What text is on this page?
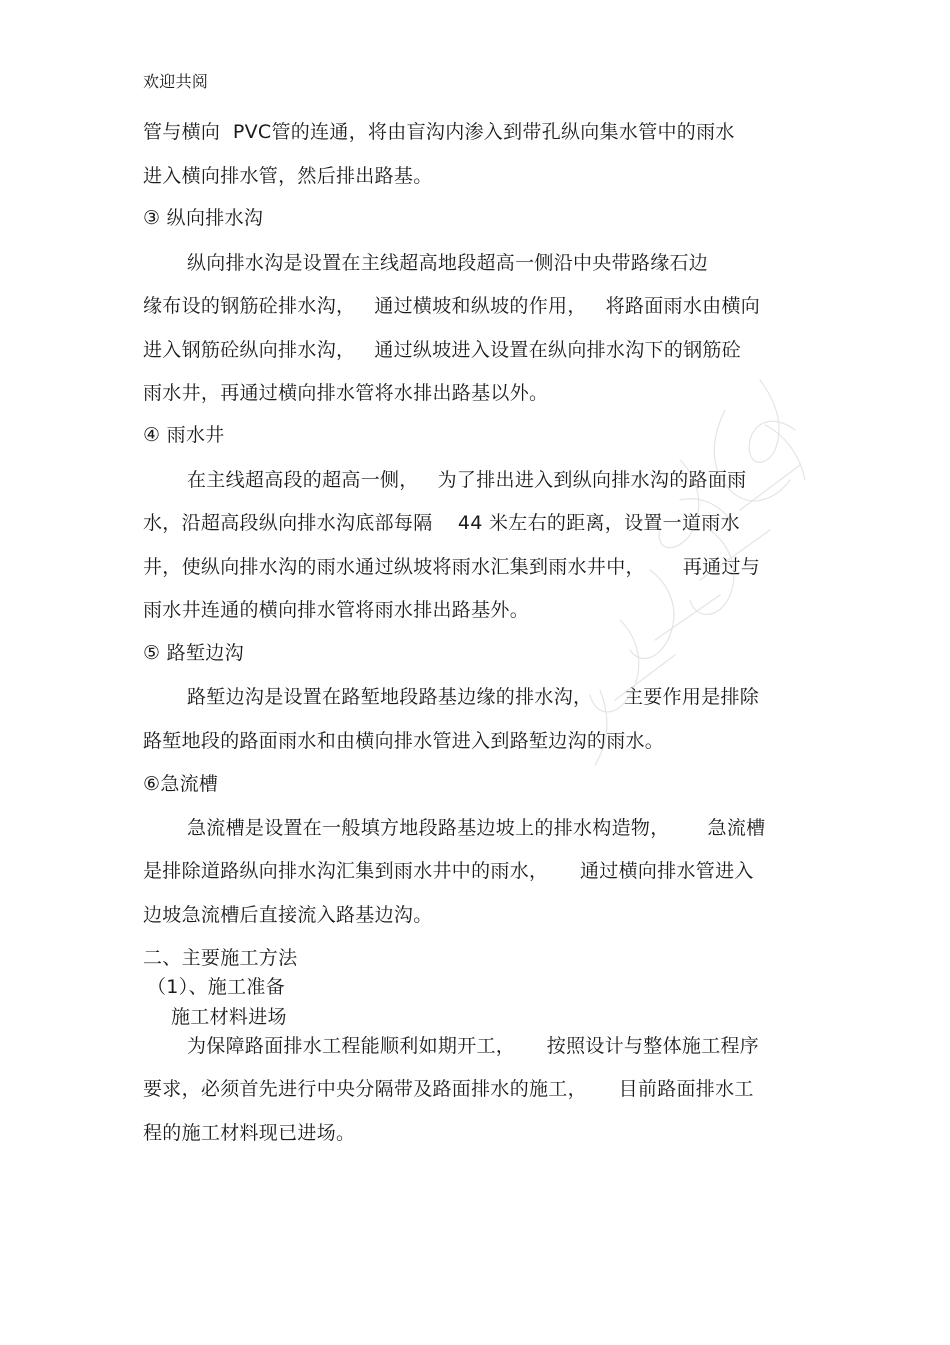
欢迎共阅
管与横向  PVC管的连通，将由盲沟内渗入到带孔纵向集水管中的雨水
进入横向排水管，然后排出路基。
③ 纵向排水沟
纵向排水沟是设置在主线超高地段超高一侧沿中央带路缘石边
缘布设的钢筋砼排水沟，   通过横坡和纵坡的作用，   将路面雨水由横向
进入钢筋砼纵向排水沟，   通过纵坡进入设置在纵向排水沟下的钢筋砼
雨水井，再通过横向排水管将水排出路基以外。
④ 雨水井
在主线超高段的超高一侧，   为了排出进入到纵向排水沟的路面雨
水，沿超高段纵向排水沟底部每隔    44 米左右的距离，设置一道雨水
井，使纵向排水沟的雨水通过纵坡将雨水汇集到雨水井中，      再通过与
雨水井连通的横向排水管将雨水排出路基外。
⑤ 路堑边沟
路堑边沟是设置在路堑地段路基边缘的排水沟，     主要作用是排除
路堑地段的路面雨水和由横向排水管进入到路堑边沟的雨水。
⑥急流槽
急流槽是设置在一般填方地段路基边坡上的排水构造物，      急流槽
是排除道路纵向排水沟汇集到雨水井中的雨水，     通过横向排水管进入
边坡急流槽后直接流入路基边沟。
二、主要施工方法
（1）、施工准备
施工材料进场
为保障路面排水工程能顺利如期开工，     按照设计与整体施工程序
要求，必须首先进行中央分隔带及路面排水的施工，     目前路面排水工
程的施工材料现已进场。
